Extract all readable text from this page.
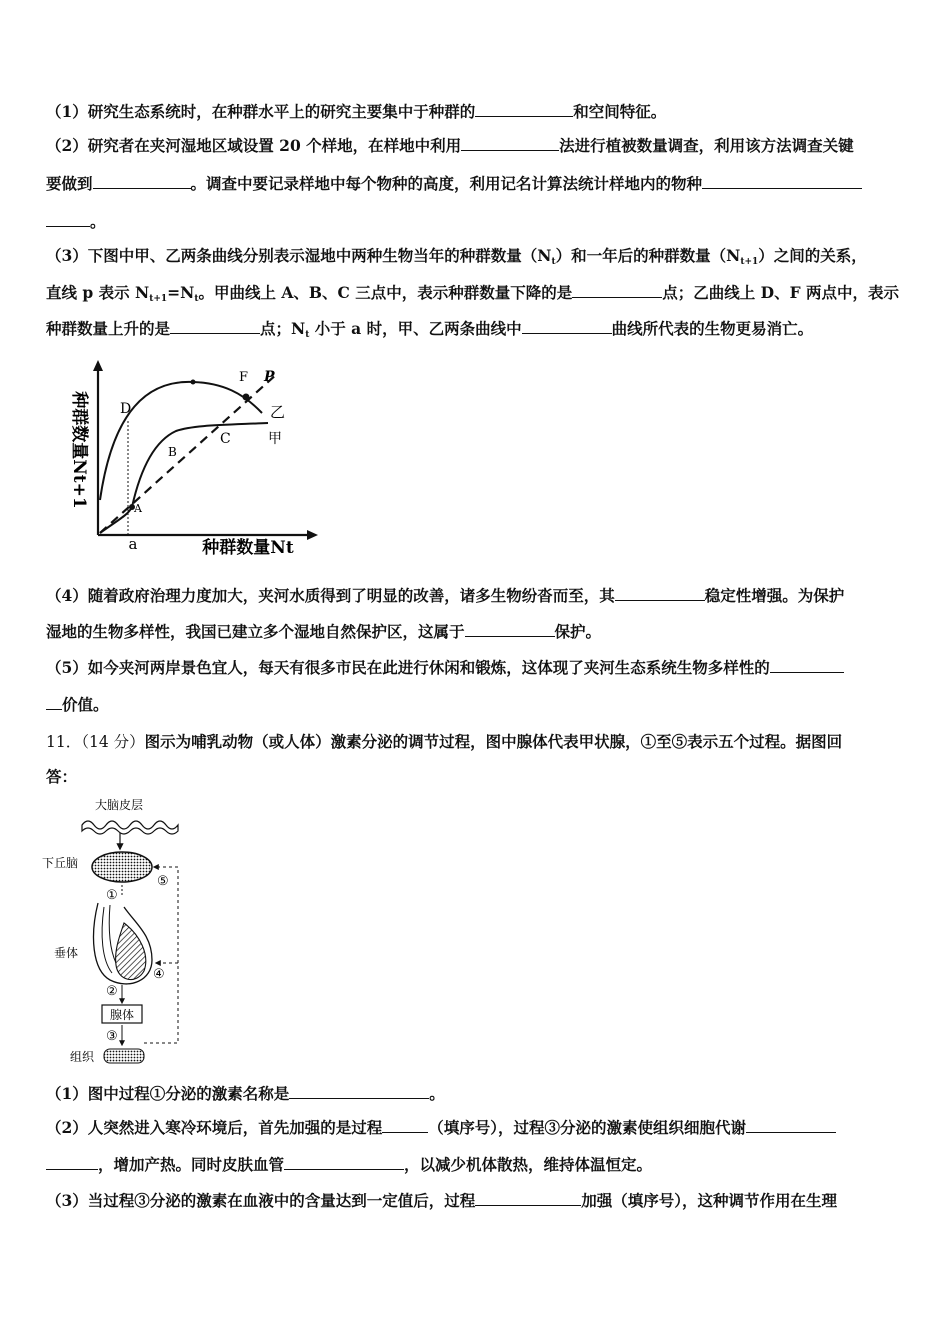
（1）研究生态系统时，在种群水平上的研究主要集中于种群的	和空间特征。
（2）研究者在夹河湿地区域设置 20 个样地，在样地中利用	法进行植被数量调查，利用该方法调查关键
要做到	。调查中要记录样地中每个物种的高度，利用记名计算法统计样地内的物种
。
（3）下图中甲、乙两条曲线分别表示湿地中两种生物当年的种群数量$(N_t)$和一年后的种群数量$(N_{t+1})$之间的关系，
直线 p 表示 $N_{t+1}=N_t$。甲曲线上 A、B、C 三点中，表示种群数量下降的是	点；乙曲线上 D、F 两点中，表示
种群数量上升的是	点；$N_t$ 小于 a 时，甲、乙两条曲线中	曲线所代表的生物更易消亡。
种群数量Nt+1
种群数量Nt
a
D
F P
乙
B
C	甲
A
（4）随着政府治理力度加大，夹河水质得到了明显的改善，诸多生物纷沓而至，其	稳定性增强。为保护
湿地的生物多样性，我国已建立多个湿地自然保护区，这属于	保护。
（5）如今夹河两岸景色宜人，每天有很多市民在此进行休闲和锻炼，这体现了夹河生态系统生物多样性的
价值。
11．（14 分）图示为哺乳动物（或人体）激素分泌的调节过程，图中腺体代表甲状腺，①至⑤表示五个过程。据图回
答：
大脑皮层
下丘脑
①
垂体
②
腺体
③
组织
⑤
④
（1）图中过程①分泌的激素名称是	。
（2）人突然进入寒冷环境后，首先加强的是过程	（填序号），过程③分泌的激素使组织细胞代谢
，增加产热。同时皮肤血管	，以减少机体散热，维持体温恒定。
（3）当过程③分泌的激素在血液中的含量达到一定值后，过程	加强（填序号），这种调节作用在生理
